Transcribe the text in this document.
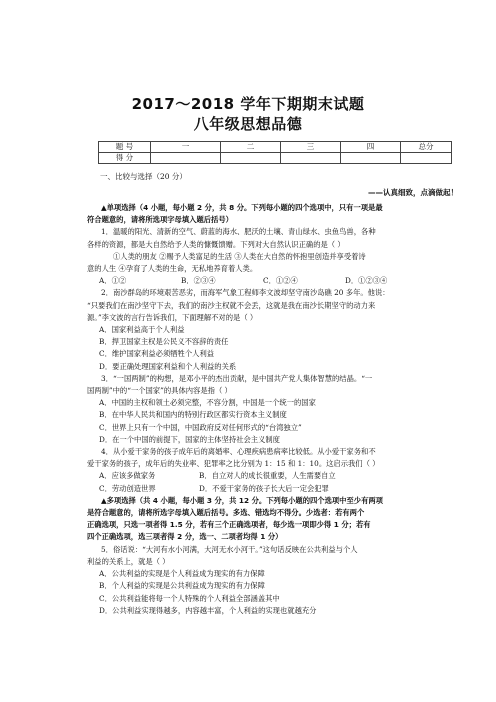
2017～2018 学年下期期末试题
八年级思想品德
题 号	一	二	三	四	总分
得 分					
一、比较与选择（20 分）
——认真细致，点滴做起！

▲单项选择（4 小题，每小题 2 分，共 8 分。下列每小题的四个选项中，只有一项是最

符合题意的，请将所选项字母填入题后括号）

1．温暖的阳光、清新的空气、蔚蓝的海水、肥沃的土壤、青山绿水、虫鱼鸟兽，各种

各样的资源，都是大自然给予人类的慷慨馈赠。下列对大自然认识正确的是（ ）

①人类的朋友 ②赐予人类富足的生活 ③人类在大自然的怀抱里创造并享受着诗

意的人生 ④孕育了人类的生命，无私地养育着人类。

A．①②	B．②③④	C．①②④	D．①②③④

2．南沙群岛的环境艰苦恶劣，而海军气象工程师李文波却坚守南沙岛礁 20 多年。他说：

“只要我们在南沙坚守下去，我们的南沙主权就不会丢，这就是我在南沙长期坚守的动力来

源。”李文波的言行告诉我们，下面理解不对的是（ ）

A．国家利益高于个人利益

B．捍卫国家主权是公民义不容辞的责任

C．维护国家利益必须牺牲个人利益

D．要正确处理国家利益和个人利益的关系

3．“一国两制”的构想，是邓小平的杰出贡献，是中国共产党人集体智慧的结晶。“一

国两制”中的“一个国家”的具体内容是指（ ）

A．中国的主权和领土必须完整，不容分割，中国是一个统一的国家

B．在中华人民共和国内的特别行政区都实行资本主义制度

C．世界上只有一个中国，中国政府反对任何形式的“台湾独立”

D．在一个中国的前提下，国家的主体坚持社会主义制度

4．从小爱干家务的孩子成年后的离婚率、心理疾病患病率比较低。从小爱干家务和不

爱干家务的孩子，成年后的失业率、犯罪率之比分别为 1：15 和 1：10。这启示我们（ ）

A．应该多做家务	B．自立对人的成长很重要，人生需要自立

C．劳动创造世界	D．不爱干家务的孩子长大后一定会犯罪

▲多项选择（共 4 小题，每小题 3 分，共 12 分。下列每小题的四个选项中至少有两项

是符合题意的，请将所选字母填入题后括号。多选、错选均不得分。少选者：若有两个

正确选项，只选一项者得 1.5 分，若有三个正确选项者，每少选一项即少得 1 分；若有

四个正确选项，选三项者得 2 分，选一、二项者均得 1 分）

5．俗话说：“大河有水小河满，大河无水小河干。”这句话反映在公共利益与个人

利益的关系上，就是（ ）

A．公共利益的实现是个人利益成为现实的有力保障

B．个人利益的实现是公共利益成为现实的有力保障

C．公共利益能将每一个人特殊的个人利益全部涵盖其中

D．公共利益实现得越多，内容越丰富，个人利益的实现也就越充分
